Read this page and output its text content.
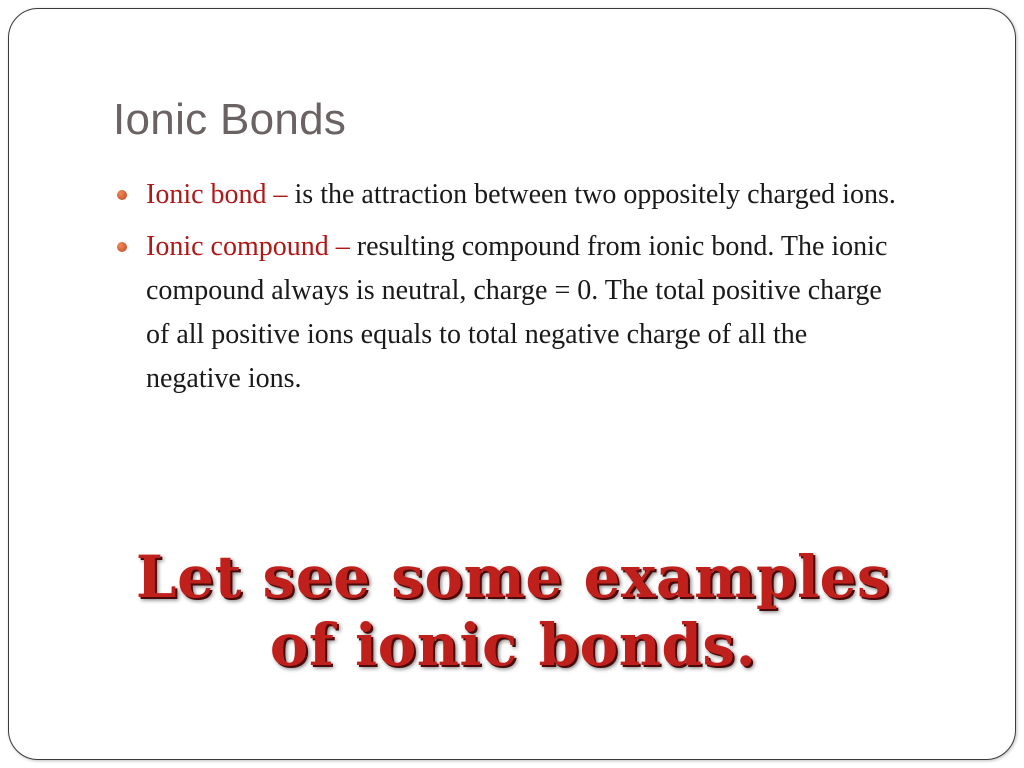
Ionic Bonds
Ionic bond – is the attraction between two oppositely charged ions.
Ionic compound – resulting compound from ionic bond. The ionic compound always is neutral, charge = 0. The total positive charge of all positive ions equals to total negative charge of all the negative ions.

Let see some examples
of ionic bonds.
